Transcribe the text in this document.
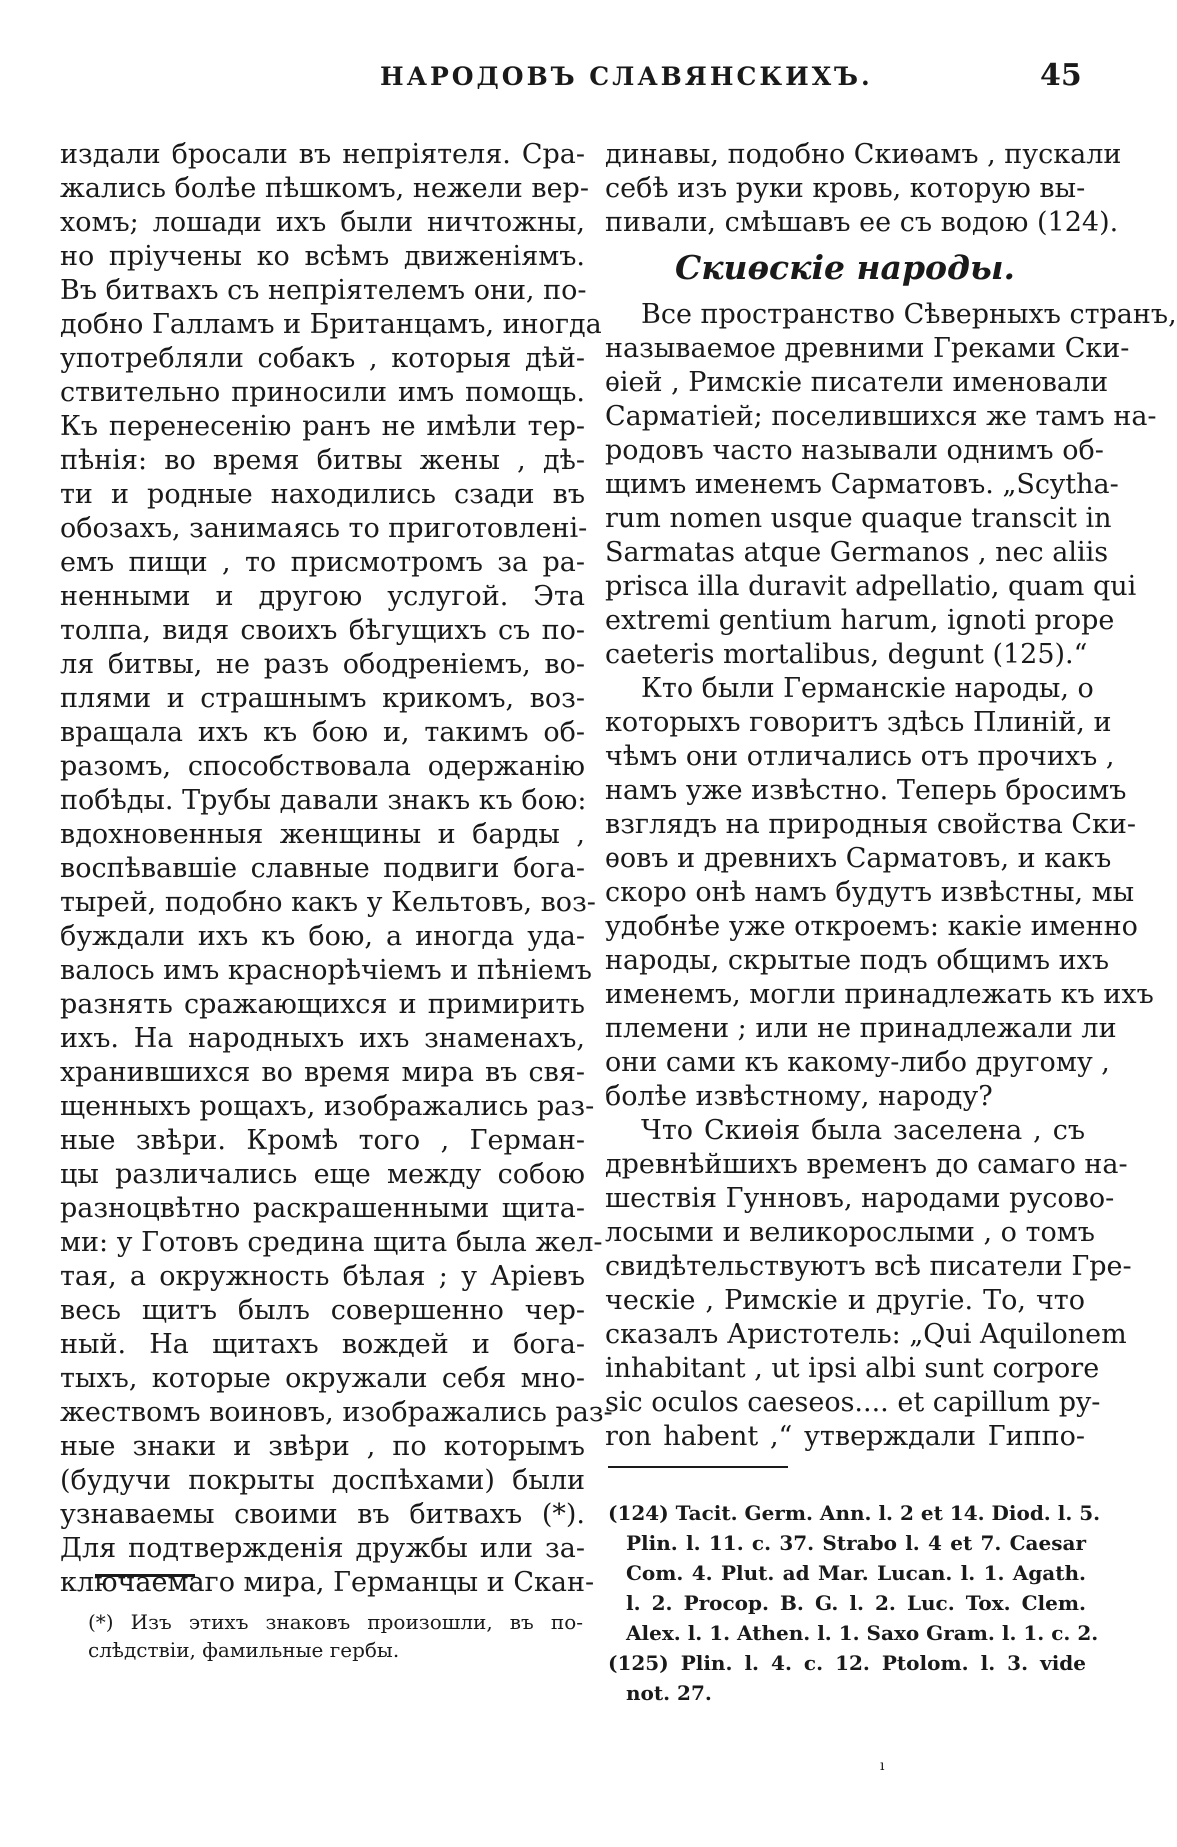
НАРОДОВЪ СЛАВЯНСКИХЪ.	45
издали бросали въ непріятеля. Сра-
жались болѣе пѣшкомъ, нежели вер-
хомъ; лошади ихъ были ничтожны,
но пріучены ко всѣмъ движеніямъ.
Въ битвахъ съ непріятелемъ они, по-
добно Галламъ и Британцамъ, иногда
употребляли собакъ , которыя дѣй-
ствительно приносили имъ помощь.
Къ перенесенію ранъ не имѣли тер-
пѣнія: во время битвы жены , дѣ-
ти и родные находились сзади въ
обозахъ, занимаясь то приготовлені-
емъ пищи , то присмотромъ за ра-
ненными и другою услугой. Эта
толпа, видя своихъ бѣгущихъ съ по-
ля битвы, не разъ ободреніемъ, во-
плями и страшнымъ крикомъ, воз-
вращала ихъ къ бою и, такимъ об-
разомъ, способствовала одержанію
побѣды. Трубы давали знакъ къ бою:
вдохновенныя женщины и барды ,
воспѣвавшіе славные подвиги бога-
тырей, подобно какъ у Кельтовъ, воз-
буждали ихъ къ бою, а иногда удa-
валось имъ краснорѣчіемъ и пѣніемъ
разнять сражающихся и примирить
ихъ. На народныхъ ихъ знаменахъ,
хранившихся во время мира въ свя-
щенныхъ рощахъ, изображались раз-
ные звѣри. Кромѣ того , Герман-
цы различались еще между собою
разноцвѣтно раскрашенными щита-
ми: у Готовъ средина щита была жел-
тая, а окружность бѣлая ; у Аріевъ
весь щитъ былъ совершенно чер-
ный. На щитахъ вождей и бога-
тыхъ, которые окружали себя мно-
жествомъ воиновъ, изображались раз-
ные знаки и звѣри , по которымъ
(будучи покрыты доспѣхами) были
узнаваемы своими въ битвахъ (*).
Для подтвержденія дружбы или за-
ключаемаго мира, Германцы и Скан-
(*) Изъ этихъ знаковъ произошли, въ по-
слѣдствіи, фамильные гербы.
динавы, подобно Скиѳамъ , пускали
себѣ изъ руки кровь, которую вы-
пивали, смѣшавъ ее съ водою (124).
Скиѳскіе народы.
Все пространство Сѣверныхъ странъ,
называемое древними Греками Ски-
ѳіей , Римскіе писатели именовали
Сарматіей; поселившихся же тамъ на-
родовъ часто называли однимъ об-
щимъ именемъ Сарматовъ. „Scytha-
rum nomen usque quaque transcit in
Sarmatas atque Germanos , nec aliis
prisca illa duravit adpellatio, quam qui
extremi gentium harum, ignoti prope
caeteris mortalibus, degunt (125).“
Кто были Германскіе народы, о
которыхъ говоритъ здѣсь Плиній, и
чѣмъ они отличались отъ прочихъ ,
намъ уже извѣстно. Теперь бросимъ
взглядъ на природныя свойства Ски-
ѳовъ и древнихъ Сарматовъ, и какъ
скоро онѣ намъ будутъ извѣстны, мы
удобнѣе уже откроемъ: какіе именно
народы, скрытые подъ общимъ ихъ
именемъ, могли принадлежать къ ихъ
племени ; или не принадлежали ли
они сами къ какому-либо другому ,
болѣе извѣстному, народу?
Что Скиѳія была заселена , съ
древнѣйшихъ временъ до самаго на-
шествія Гунновъ, народами русово-
лосыми и великорослыми , о томъ
свидѣтельствуютъ всѣ писатели Гре-
ческіе , Римскіе и другіе. То, что
сказалъ Аристотель: „Qui Aquilonem
inhabitant , ut ipsi albi sunt corpore
sic oculos caeseos.... et capillum py-
ron habent ,“ утверждали Гиппо-
(124) Tacit. Germ. Ann. l. 2 et 14. Diod. l. 5.
Plin. l. 11. c. 37. Strabo l. 4 et 7. Caesar
Com. 4. Plut. ad Mar. Lucan. l. 1. Agath.
l. 2. Procop. B. G. l. 2. Luc. Tox. Clem.
Alex. l. 1. Athen. l. 1. Saxo Gram. l. 1. c. 2.
(125) Plin. l. 4. c. 12. Ptolom. l. 3. vide
not. 27.
ı
